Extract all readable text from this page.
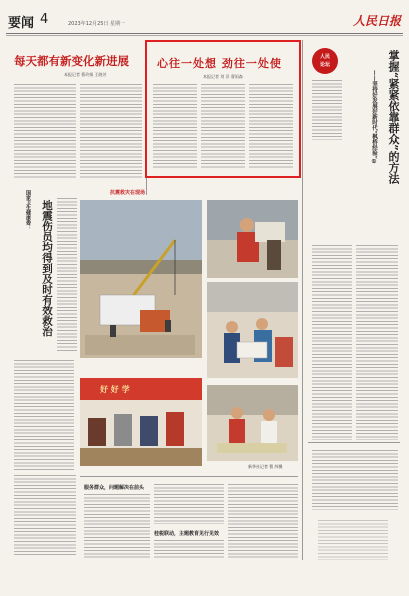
要闻 4	2023年12月25日 星期一	人民日报
每天都有新变化新进展
本报记者 曹玲娟 王晓芳
心往一处想 劲往一处使
本报记者 刘 洋 曹雨森
人民
论坛	掌握“紧紧依靠群众”的方法
——坚持好发展好新时代“枫桥经验”①
地震伤员均得到及时有效救治
国家卫生健康委：	抗震救灾在现场
好 好 学
新华社记者 曹 纬摄
服务群众，问题解决在前头
桂税联动，主题教育见行见效
